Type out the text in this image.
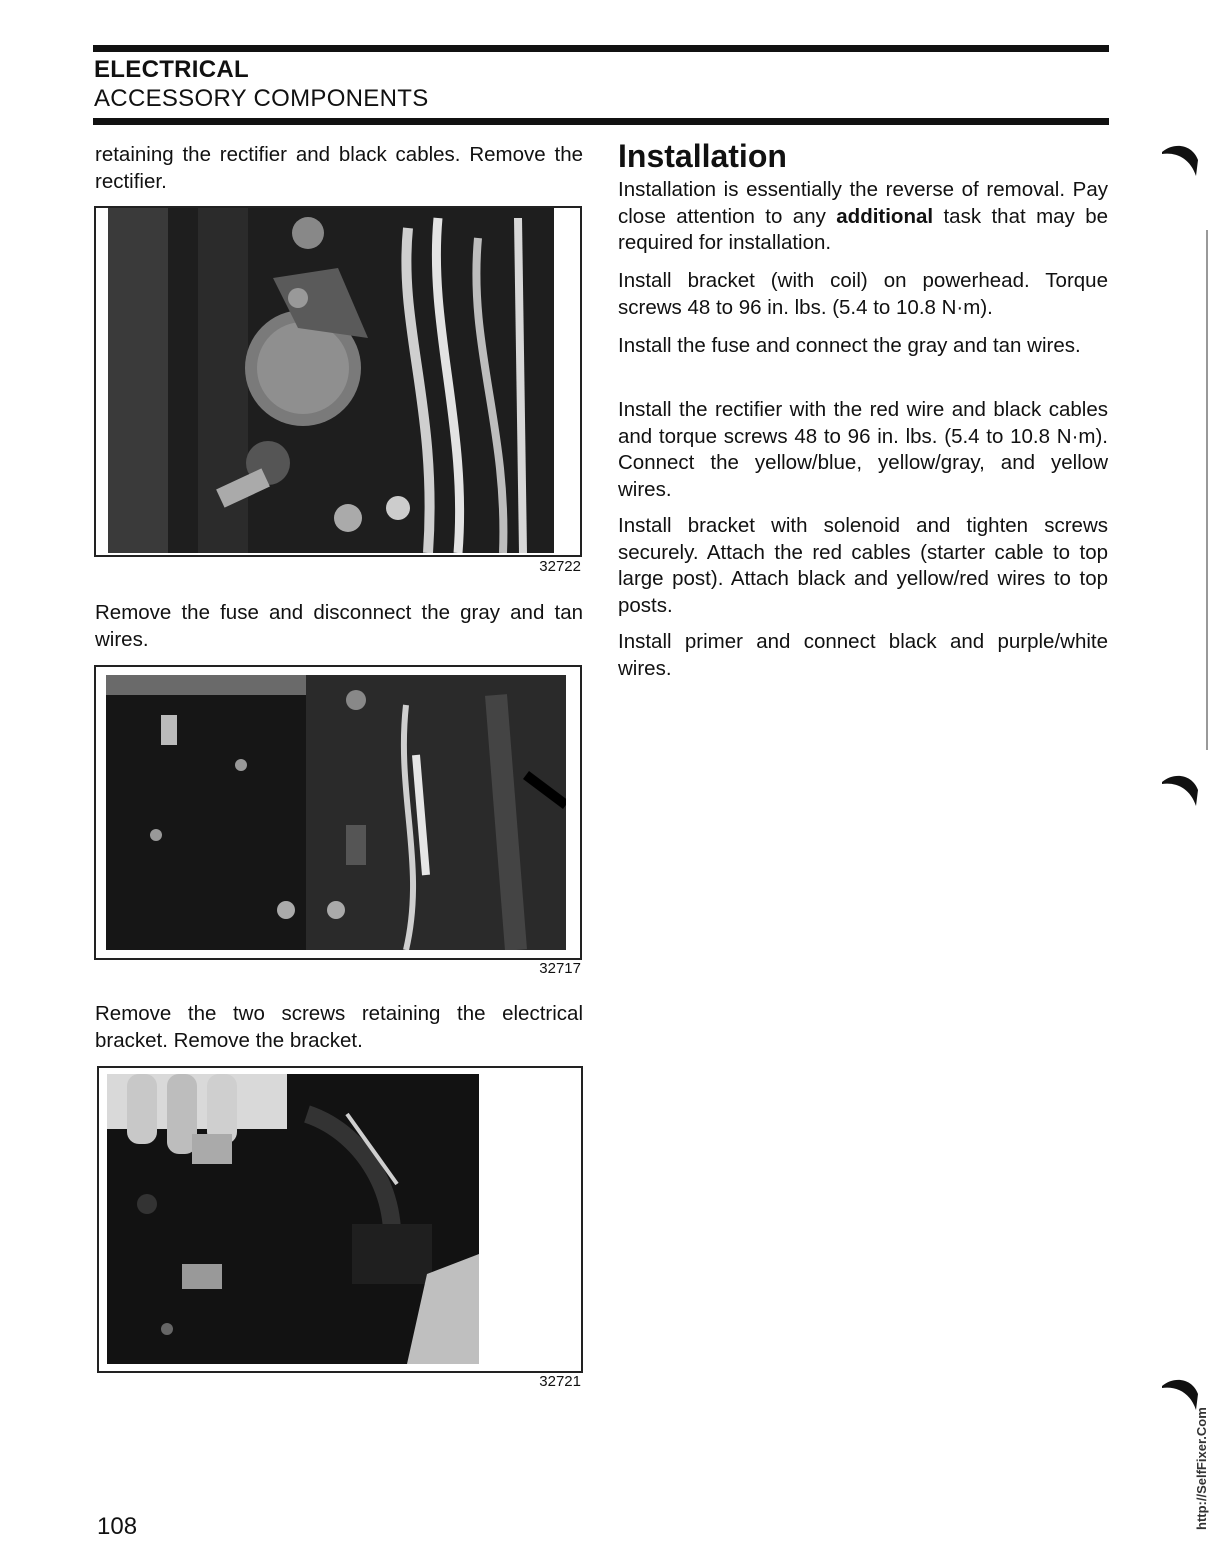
ELECTRICAL
ACCESSORY COMPONENTS

retaining the rectifier and black cables. Remove the rectifier.

32722

Remove the fuse and disconnect the gray and tan wires.

32717

Remove the two screws retaining the electrical bracket. Remove the bracket.

32721
Installation

Installation is essentially the reverse of removal. Pay close attention to any additional task that may be required for installation.

Install bracket (with coil) on powerhead. Torque screws 48 to 96 in. lbs. (5.4 to 10.8 N·m).

Install the fuse and connect the gray and tan wires.

Install the rectifier with the red wire and black cables and torque screws 48 to 96 in. lbs. (5.4 to 10.8 N·m). Connect the yellow/blue, yellow/gray, and yellow wires.

Install bracket with solenoid and tighten screws securely. Attach the red cables (starter cable to top large post). Attach black and yellow/red wires to top posts.

Install primer and connect black and purple/white wires.

108	http://SelfFixer.Com
